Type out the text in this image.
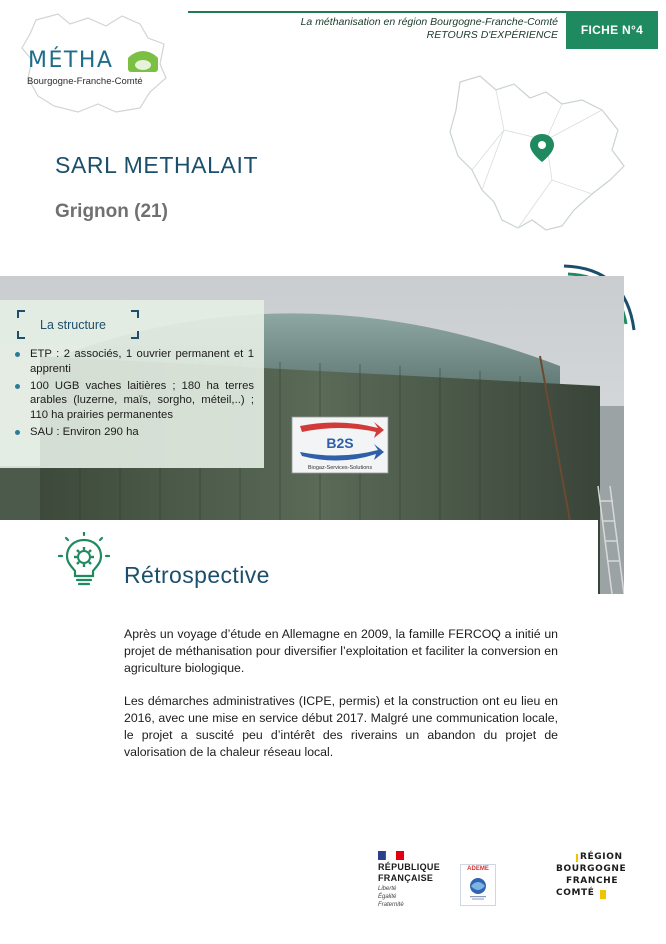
MÉTHA
Bourgogne-Franche-Comté
La méthanisation en région Bourgogne-Franche-Comté
RETOURS D'EXPÉRIENCE	FICHE N°4
SARL METHALAIT
Grignon (21)
B2S
Biogaz-Services-Solutions
La structure
ETP : 2 associés, 1 ouvrier permanent et 1 apprenti
100 UGB vaches laitières ; 180 ha terres arables (luzerne, maïs, sorgho, méteil,..) ; 110 ha prairies permanentes
SAU : Environ 290 ha
Rétrospective
Après un voyage d’étude en Allemagne en 2009, la famille FERCOQ a initié un projet de méthanisation pour diversifier l’exploitation et faciliter la conversion en agriculture biologique.
Les démarches administratives (ICPE, permis) et la construction ont eu lieu en 2016, avec une mise en service début 2017. Malgré une communication locale, le projet a suscité peu d’intérêt des riverains un abandon du projet de valorisation de la chaleur réseau local.
RÉPUBLIQUE
FRANÇAISE
Liberté
Égalité
Fraternité
ADEME
RÉGION
BOURGOGNE
FRANCHE
COMTÉ
